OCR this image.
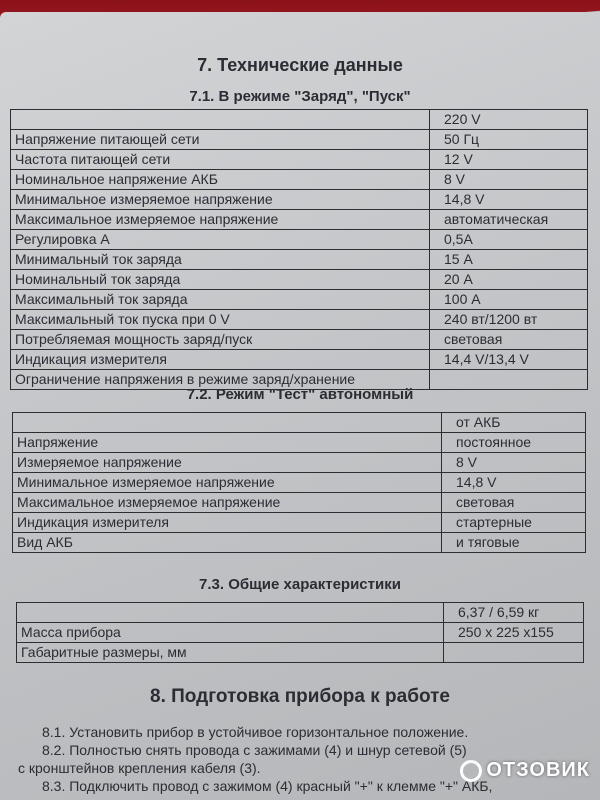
7. Технические данные
7.1. В режиме "Заряд", "Пуск"
	220 V
Напряжение питающей сети	50 Гц
Частота питающей сети	12 V
Номинальное напряжение АКБ	8 V
Минимальное измеряемое напряжение	14,8 V
Максимальное измеряемое напряжение	автоматическая
Регулировка А	0,5А
Минимальный ток заряда	15 А
Номинальный ток заряда	20 А
Максимальный ток заряда	100 А
Максимальный ток пуска при 0 V	240 вт/1200 вт
Потребляемая мощность заряд/пуск	световая
Индикация измерителя	14,4 V/13,4 V
Ограничение напряжения в режиме заряд/хранение	
7.2. Режим "Тест" автономный
	от АКБ
Напряжение	постоянное
Измеряемое напряжение	8 V
Минимальное измеряемое напряжение	14,8 V
Максимальное измеряемое напряжение	световая
Индикация измерителя	стартерные
Вид АКБ	и тяговые
7.3. Общие характеристики
	6,37 / 6,59 кг
Масса прибора	250 х 225 х155
Габаритные размеры, мм	
8. Подготовка прибора к работе
8.1. Установить прибор в устойчивое горизонтальное положение.
8.2. Полностью снять провода с зажимами (4) и шнур сетевой (5)
с кронштейнов крепления кабеля (3).
8.3. Подключить провод с зажимом (4) красный "+" к клемме "+" АКБ,
ОТЗОВИК
